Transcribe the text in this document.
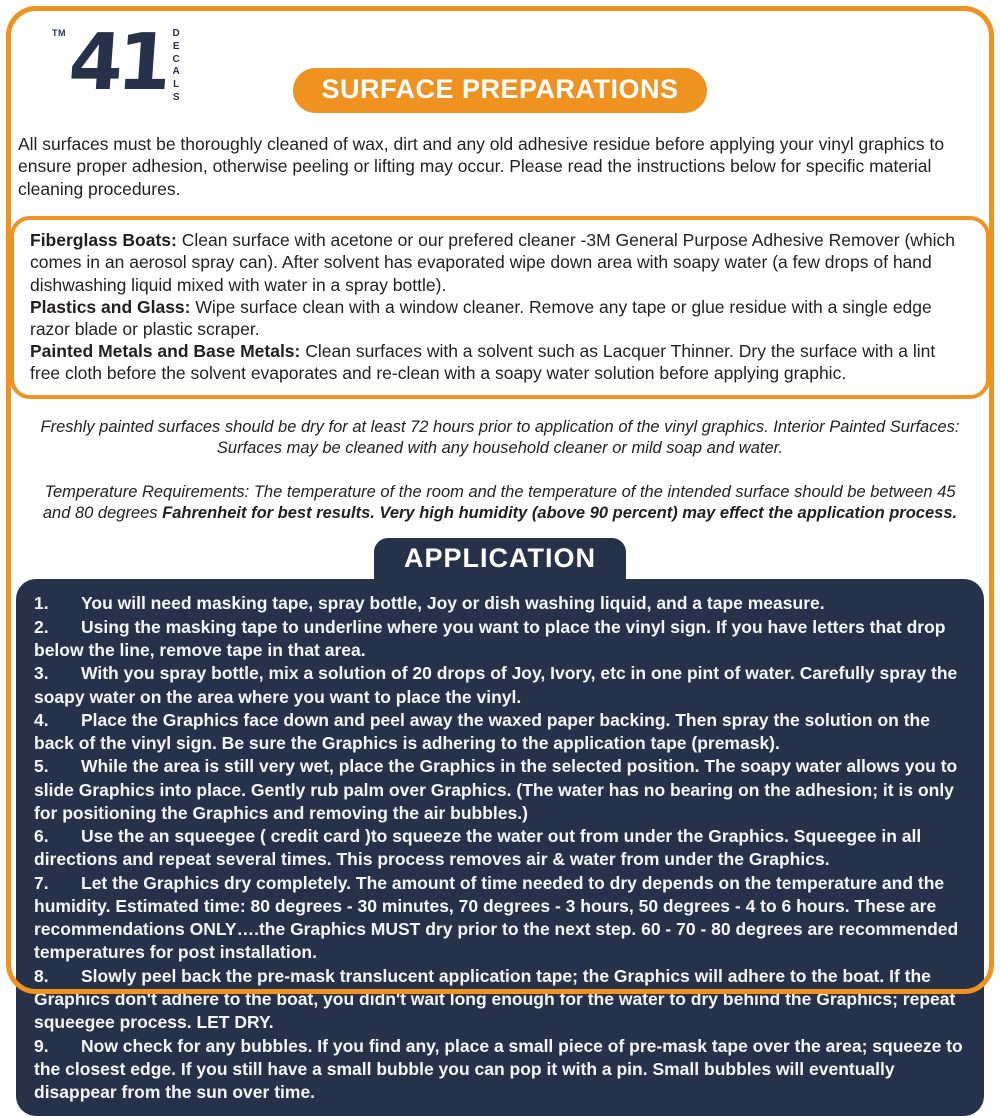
TM 41 D
E
C
A
L
S	SURFACE PREPARATIONS

All surfaces must be thoroughly cleaned of wax, dirt and any old adhesive residue before applying your vinyl graphics to ensure proper adhesion, otherwise peeling or lifting may occur. Please read the instructions below for specific material cleaning procedures.

Fiberglass Boats: Clean surface with acetone or our prefered cleaner -3M General Purpose Adhesive Remover (which comes in an aerosol spray can). After solvent has evaporated wipe down area with soapy water (a few drops of hand dishwashing liquid mixed with water in a spray bottle).

Plastics and Glass: Wipe surface clean with a window cleaner. Remove any tape or glue residue with a single edge razor blade or plastic scraper.

Painted Metals and Base Metals: Clean surfaces with a solvent such as Lacquer Thinner. Dry the surface with a lint free cloth before the solvent evaporates and re-clean with a soapy water solution before applying graphic.

Freshly painted surfaces should be dry for at least 72 hours prior to application of the vinyl graphics. Interior Painted Surfaces: Surfaces may be cleaned with any household cleaner or mild soap and water.

Temperature Requirements: The temperature of the room and the temperature of the intended surface should be between 45 and 80 degrees Fahrenheit for best results. Very high humidity (above 90 percent) may effect the application process.

APPLICATION

1. You will need masking tape, spray bottle, Joy or dish washing liquid, and a tape measure.

2. Using the masking tape to underline where you want to place the vinyl sign. If you have letters that drop below the line, remove tape in that area.

3. With you spray bottle, mix a solution of 20 drops of Joy, Ivory, etc in one pint of water. Carefully spray the soapy water on the area where you want to place the vinyl.

4. Place the Graphics face down and peel away the waxed paper backing. Then spray the solution on the back of the vinyl sign. Be sure the Graphics is adhering to the application tape (premask).

5. While the area is still very wet, place the Graphics in the selected position. The soapy water allows you to slide Graphics into place. Gently rub palm over Graphics. (The water has no bearing on the adhesion; it is only for positioning the Graphics and removing the air bubbles.)

6. Use the an squeegee ( credit card )to squeeze the water out from under the Graphics. Squeegee in all directions and repeat several times. This process removes air & water from under the Graphics.

7. Let the Graphics dry completely. The amount of time needed to dry depends on the temperature and the humidity. Estimated time: 80 degrees - 30 minutes, 70 degrees - 3 hours, 50 degrees - 4 to 6 hours. These are recommendations ONLY….the Graphics MUST dry prior to the next step. 60 - 70 - 80 degrees are recommended temperatures for post installation.

8. Slowly peel back the pre-mask translucent application tape; the Graphics will adhere to the boat. If the Graphics don't adhere to the boat, you didn't wait long enough for the water to dry behind the Graphics; repeat squeegee process. LET DRY.

9. Now check for any bubbles. If you find any, place a small piece of pre-mask tape over the area; squeeze to the closest edge. If you still have a small bubble you can pop it with a pin. Small bubbles will eventually disappear from the sun over time.
